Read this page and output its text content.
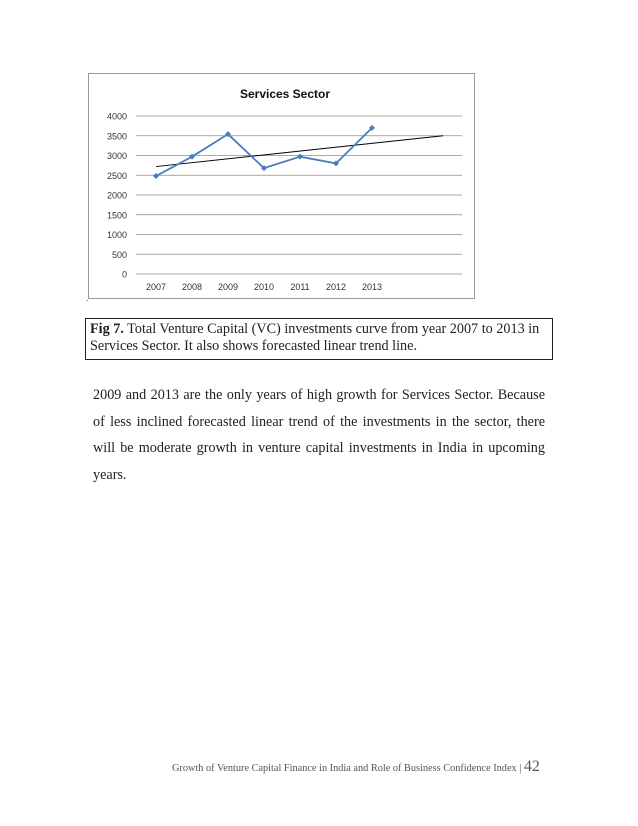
Services Sector
0
500
1000
1500
2000
2500
3000
3500
4000
2007 2008 2009 2010 2011 2012 2013
.
Fig 7. Total Venture Capital (VC) investments curve from year 2007 to 2013 in Services Sector. It also shows forecasted linear trend line.

2009 and 2013 are the only years of high growth for Services Sector. Because of less inclined forecasted linear trend of the investments in the sector, there will be moderate growth in venture capital investments in India in upcoming years.

Growth of Venture Capital Finance in India and Role of Business Confidence Index | 42
